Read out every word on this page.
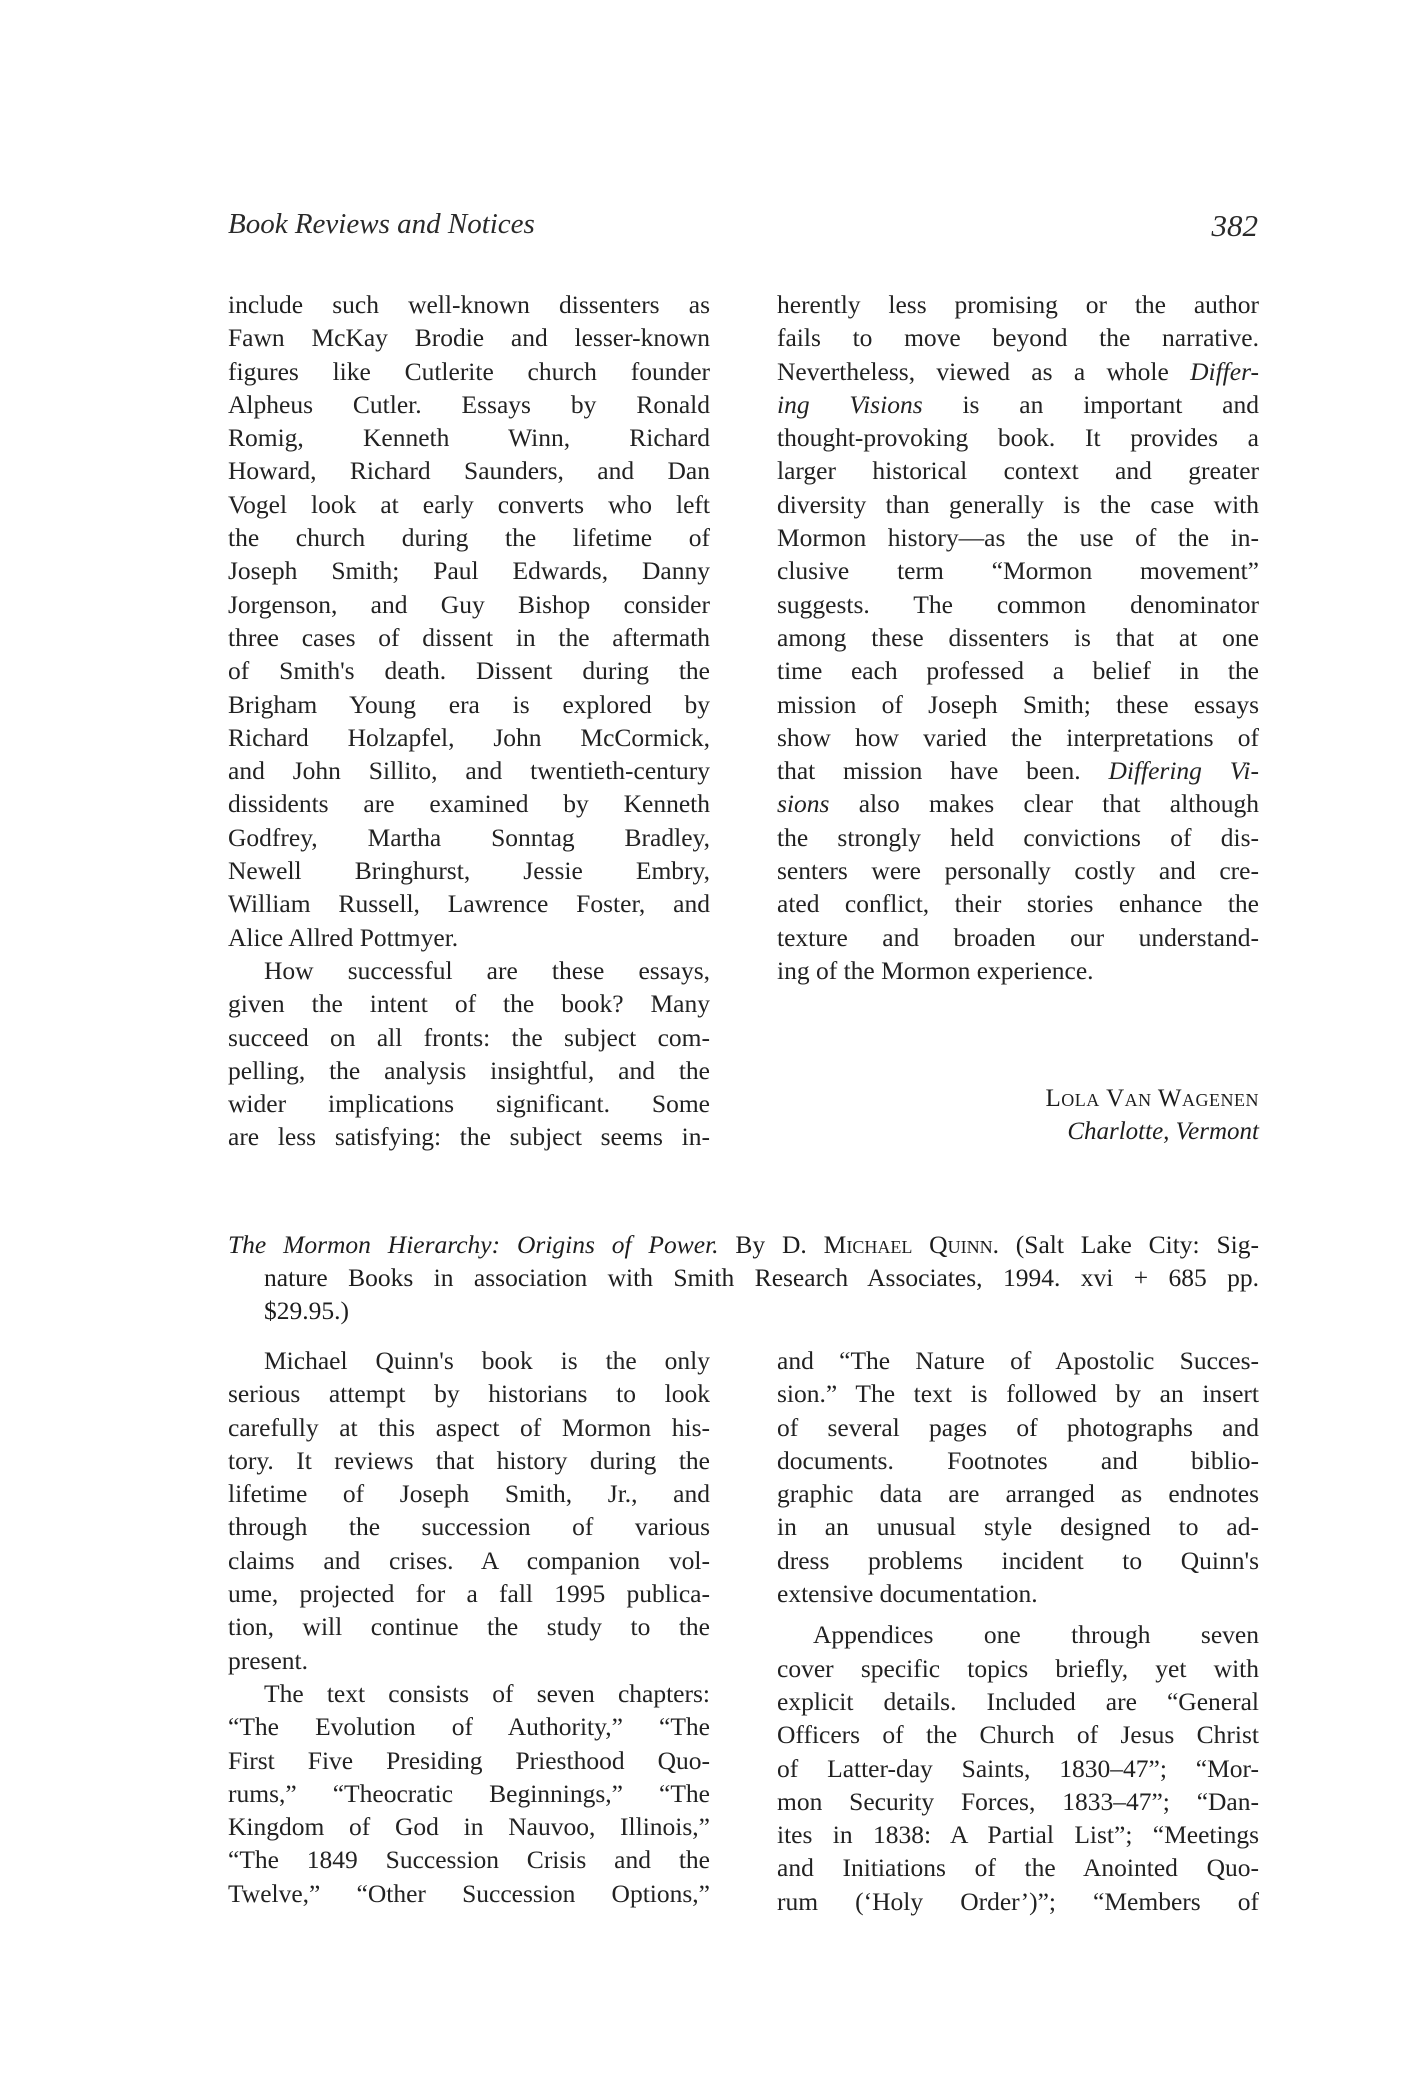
Book Reviews and Notices	382

include such well-known dissenters as

Fawn McKay Brodie and lesser-known

figures like Cutlerite church founder

Alpheus Cutler. Essays by Ronald

Romig, Kenneth Winn, Richard

Howard, Richard Saunders, and Dan

Vogel look at early converts who left

the church during the lifetime of

Joseph Smith; Paul Edwards, Danny

Jorgenson, and Guy Bishop consider

three cases of dissent in the aftermath

of Smith's death. Dissent during the

Brigham Young era is explored by

Richard Holzapfel, John McCormick,

and John Sillito, and twentieth-century

dissidents are examined by Kenneth

Godfrey, Martha Sonntag Bradley,

Newell Bringhurst, Jessie Embry,

William Russell, Lawrence Foster, and

Alice Allred Pottmyer.

How successful are these essays,

given the intent of the book? Many

succeed on all fronts: the subject com-

pelling, the analysis insightful, and the

wider implications significant. Some

are less satisfying: the subject seems in-

herently less promising or the author

fails to move beyond the narrative.

Nevertheless, viewed as a whole Differ-

ing Visions is an important and

thought-provoking book. It provides a

larger historical context and greater

diversity than generally is the case with

Mormon history—as the use of the in-

clusive term “Mormon movement”

suggests. The common denominator

among these dissenters is that at one

time each professed a belief in the

mission of Joseph Smith; these essays

show how varied the interpretations of

that mission have been. Differing Vi-

sions also makes clear that although

the strongly held convictions of dis-

senters were personally costly and cre-

ated conflict, their stories enhance the

texture and broaden our understand-

ing of the Mormon experience.

Lola Van Wagenen
Charlotte, Vermont
The Mormon Hierarchy: Origins of Power. By D. Michael Quinn. (Salt Lake City: Sig-
nature Books in association with Smith Research Associates, 1994. xvi + 685 pp.
$29.95.)

Michael Quinn's book is the only

serious attempt by historians to look

carefully at this aspect of Mormon his-

tory. It reviews that history during the

lifetime of Joseph Smith, Jr., and

through the succession of various

claims and crises. A companion vol-

ume, projected for a fall 1995 publica-

tion, will continue the study to the

present.

The text consists of seven chapters:

“The Evolution of Authority,” “The

First Five Presiding Priesthood Quo-

rums,” “Theocratic Beginnings,” “The

Kingdom of God in Nauvoo, Illinois,”

“The 1849 Succession Crisis and the

Twelve,” “Other Succession Options,”

and “The Nature of Apostolic Succes-

sion.” The text is followed by an insert

of several pages of photographs and

documents. Footnotes and biblio-

graphic data are arranged as endnotes

in an unusual style designed to ad-

dress problems incident to Quinn's

extensive documentation.

Appendices one through seven

cover specific topics briefly, yet with

explicit details. Included are “General

Officers of the Church of Jesus Christ

of Latter-day Saints, 1830–47”; “Mor-

mon Security Forces, 1833–47”; “Dan-

ites in 1838: A Partial List”; “Meetings

and Initiations of the Anointed Quo-

rum (‘Holy Order’)”; “Members of
